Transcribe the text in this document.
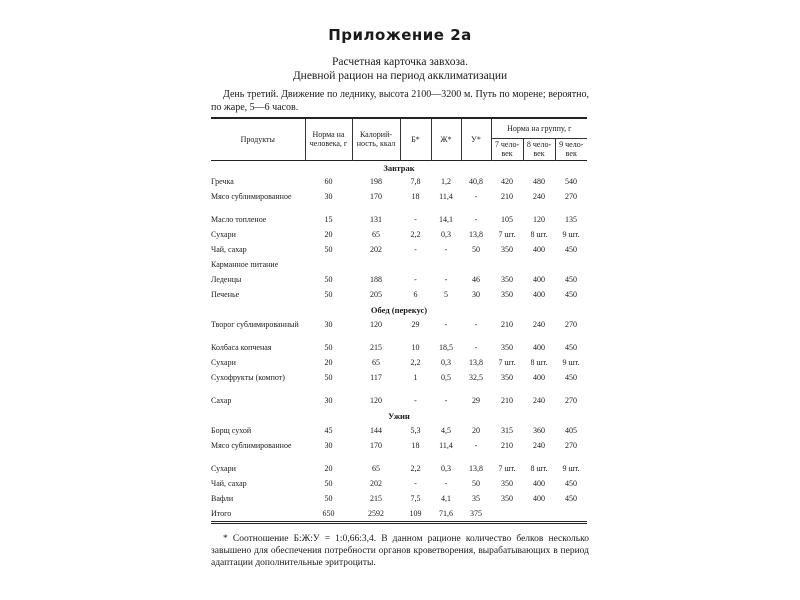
Приложение 2а
Расчетная карточка завхоза.
Дневной рацион на период акклиматизации
День третий. Движение по леднику, высота 2100—3200 м. Путь по морене; вероятно, по жаре, 5—6 часов.
Продукты	Норма на человека, г	Калорий-ность, ккал	Б*	Ж*	У*	Норма на группу, г		
						7 чело-век	8 чело-век	9 чело-век
Завтрак								
Гречка	60	198	7,8	1,2	40,8	420	480	540
Мясо сублимированное	30	170	18	11,4	-	210	240	270
Масло топленое	15	131	-	14,1	-	105	120	135
Сухари	20	65	2,2	0,3	13,8	7 шт.	8 шт.	9 шт.
Чай, сахар	50	202	-	-	50	350	400	450
Карманное питание								
Леденцы	50	188	-	-	46	350	400	450
Печенье	50	205	6	5	30	350	400	450
Обед (перекус)								
Творог сублимированный	30	120	29	-	-	210	240	270
Колбаса копченая	50	215	10	18,5	-	350	400	450
Сухари	20	65	2,2	0,3	13,8	7 шт.	8 шт.	9 шт.
Сухофрукты (компот)	50	117	1	0,5	32,5	350	400	450
Сахар	30	120	-	-	29	210	240	270
Ужин								
Борщ сухой	45	144	5,3	4,5	20	315	360	405
Мясо сублимированное	30	170	18	11,4	-	210	240	270
Сухари	20	65	2,2	0,3	13,8	7 шт.	8 шт.	9 шт.
Чай, сахар	50	202	-	-	50	350	400	450
Вафли	50	215	7,5	4,1	35	350	400	450
Итого	650	2592	109	71,6	375			
* Соотношение Б:Ж:У = 1:0,66:3,4. В данном рационе количество белков несколько завышено для обеспечения потребности органов кроветворения, вырабатывающих в период адаптации дополнительные эритроциты.
